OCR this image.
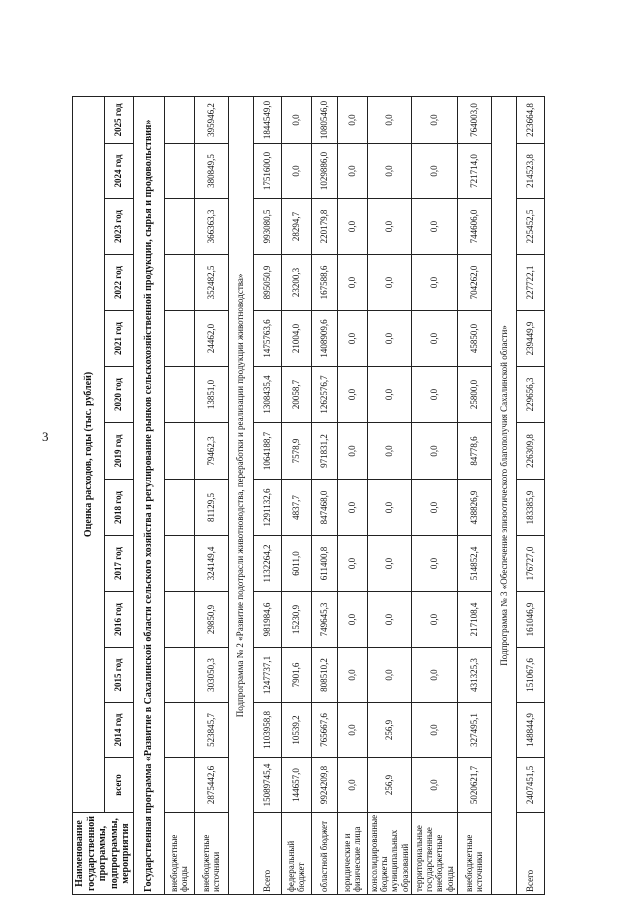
3
Наименование государственной программы, подпрограммы, мероприятия	Оценка расходов, годы (тыс. рублей)												
	всего	2014 год	2015 год	2016 год	2017 год	2018 год	2019 год	2020 год	2021 год	2022 год	2023 год	2024 год	2025 год
Государственная программа «Развитие в Сахалинской области сельского хозяйства и регулирование рынков сельскохозяйственной продукции, сырья и продовольствия»													
внебюджетные фонды													
внебюджетные источники	2875442,6	523845,7	303050,3	29850,9	324149,4	81129,5	79462,3	13851,0	24462,0	352482,5	366363,3	380849,5	395946,2
Подпрограмма № 2 «Развитие подотрасли животноводства, переработки и реализации продукции животноводства»													
Всего	15089745,4	1103958,8	1247737,1	981984,6	1132264,2	1291132,6	1064188,7	1308435,4	1475763,6	895050,9	993080,5	1751600,0	1844549,0
федеральный бюджет	144657,0	10539,2	7901,6	15230,9	6011,0	4837,7	7578,9	20058,7	21004,0	23200,3	28294,7	0,0	0,0
областной бюджет	9924209,8	765667,6	808510,2	749645,3	611400,8	847468,0	971831,2	1262576,7	1408909,6	167588,6	220179,8	1029886,0	1080546,0
юридические и физические лица	0,0	0,0	0,0	0,0	0,0	0,0	0,0	0,0	0,0	0,0	0,0	0,0	0,0
консолидированные бюджеты муниципальных образований	256,9	256,9	0,0	0,0	0,0	0,0	0,0	0,0	0,0	0,0	0,0	0,0	0,0
территориальные государственные внебюджетные фонды	0,0	0,0	0,0	0,0	0,0	0,0	0,0	0,0	0,0	0,0	0,0	0,0	0,0
внебюджетные источники	5020621,7	327495,1	431325,3	217108,4	514852,4	438826,9	84778,6	25800,0	45850,0	704262,0	744606,0	721714,0	764003,0
Подпрограмма № 3 «Обеспечение эпизоотического благополучия Сахалинской области»													
Всего	2407451,5	148844,9	151067,6	161046,9	176727,0	183385,9	226309,8	229656,3	239449,9	227722,1	225452,5	214523,8	223664,8
